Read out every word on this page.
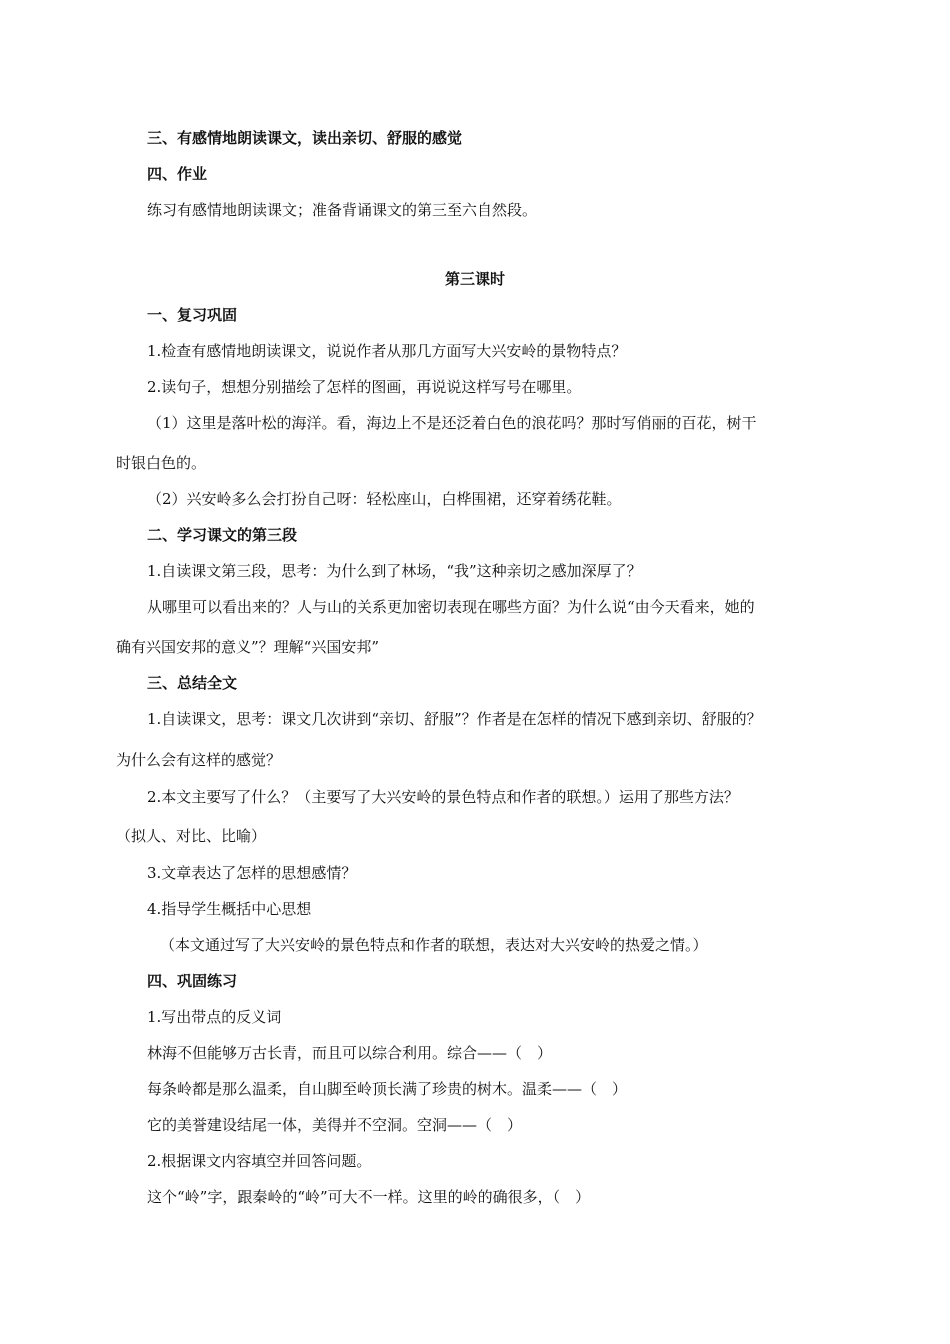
三、有感情地朗读课文，读出亲切、舒服的感觉
四、作业
练习有感情地朗读课文；准备背诵课文的第三至六自然段。
第三课时
一、复习巩固
1.检查有感情地朗读课文，说说作者从那几方面写大兴安岭的景物特点？
2.读句子，想想分别描绘了怎样的图画，再说说这样写号在哪里。
（1）这里是落叶松的海洋。看，海边上不是还泛着白色的浪花吗？那时写俏丽的百花，树干
时银白色的。
（2）兴安岭多么会打扮自己呀：轻松座山，白桦围裙，还穿着绣花鞋。
二、学习课文的第三段
1.自读课文第三段，思考：为什么到了林场，“我”这种亲切之感加深厚了？
从哪里可以看出来的？人与山的关系更加密切表现在哪些方面？为什么说“由今天看来，她的
确有兴国安邦的意义”？理解“兴国安邦”
三、总结全文
1.自读课文，思考：课文几次讲到“亲切、舒服”？作者是在怎样的情况下感到亲切、舒服的？
为什么会有这样的感觉？
2.本文主要写了什么？（主要写了大兴安岭的景色特点和作者的联想。）运用了那些方法？
（拟人、对比、比喻）
3.文章表达了怎样的思想感情？
4.指导学生概括中心思想
（本文通过写了大兴安岭的景色特点和作者的联想，表达对大兴安岭的热爱之情。）
四、巩固练习
1.写出带点的反义词
林海不但能够万古长青，而且可以综合利用。综合——（　）
每条岭都是那么温柔，自山脚至岭顶长满了珍贵的树木。温柔——（　）
它的美誉建设结尾一体，美得并不空洞。空洞——（　）
2.根据课文内容填空并回答问题。
这个“岭”字，跟秦岭的“岭”可大不一样。这里的岭的确很多，（　）
